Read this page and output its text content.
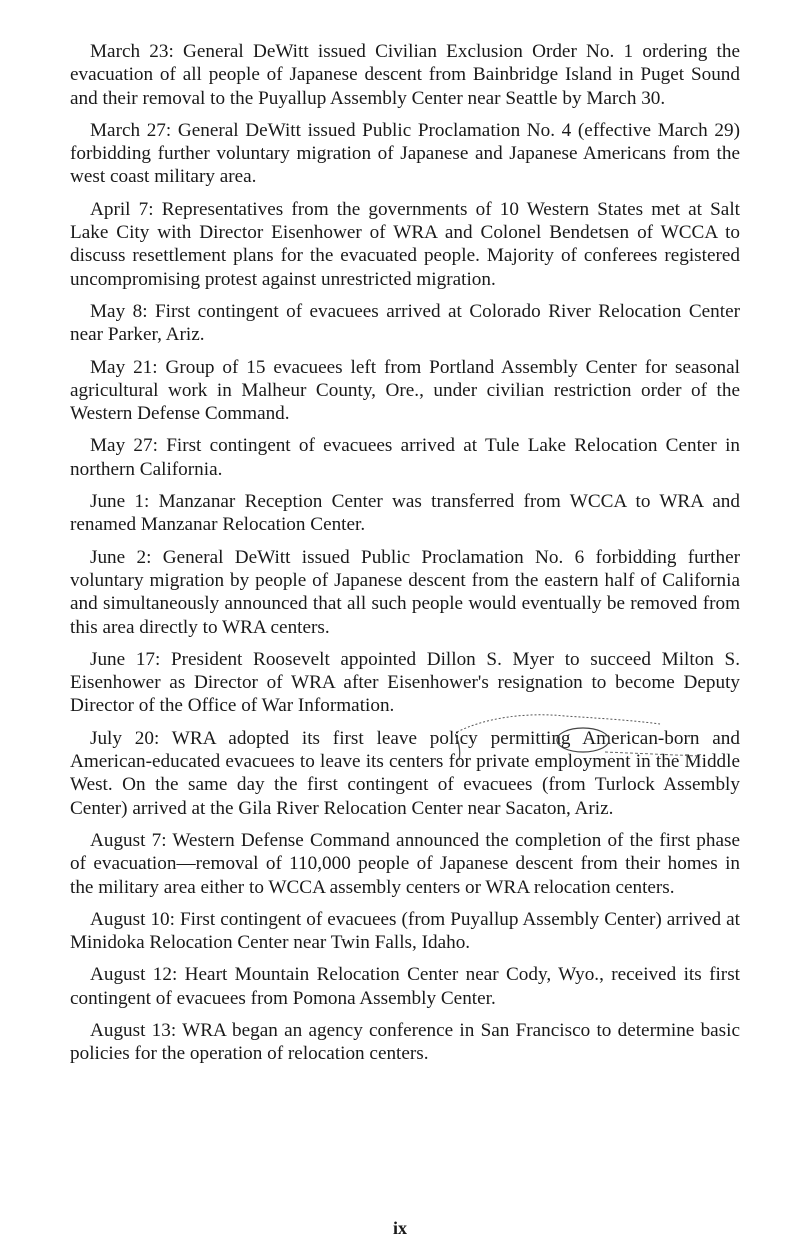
March 23: General DeWitt issued Civilian Exclusion Order No. 1 ordering the evacuation of all people of Japanese descent from Bainbridge Island in Puget Sound and their removal to the Puyallup Assembly Center near Seattle by March 30.

March 27: General DeWitt issued Public Proclamation No. 4 (effective March 29) forbidding further voluntary migration of Japanese and Japanese Americans from the west coast military area.

April 7: Representatives from the governments of 10 Western States met at Salt Lake City with Director Eisenhower of WRA and Colonel Bendetsen of WCCA to discuss resettlement plans for the evacuated people. Majority of conferees registered uncompromising protest against unrestricted migration.

May 8: First contingent of evacuees arrived at Colorado River Relocation Center near Parker, Ariz.

May 21: Group of 15 evacuees left from Portland Assembly Center for seasonal agricultural work in Malheur County, Ore., under civilian restriction order of the Western Defense Command.

May 27: First contingent of evacuees arrived at Tule Lake Relocation Center in northern California.

June 1: Manzanar Reception Center was transferred from WCCA to WRA and renamed Manzanar Relocation Center.

June 2: General DeWitt issued Public Proclamation No. 6 forbidding further voluntary migration by people of Japanese descent from the eastern half of California and simultaneously announced that all such people would eventually be removed from this area directly to WRA centers.

June 17: President Roosevelt appointed Dillon S. Myer to succeed Milton S. Eisenhower as Director of WRA after Eisenhower's resignation to become Deputy Director of the Office of War Information.

July 20: WRA adopted its first leave policy permitting American-born and American-educated evacuees to leave its centers for private employment in the Middle West. On the same day the first contingent of evacuees (from Turlock Assembly Center) arrived at the Gila River Relocation Center near Sacaton, Ariz.

August 7: Western Defense Command announced the completion of the first phase of evacuation—removal of 110,000 people of Japanese descent from their homes in the military area either to WCCA assembly centers or WRA relocation centers.

August 10: First contingent of evacuees (from Puyallup Assembly Center) arrived at Minidoka Relocation Center near Twin Falls, Idaho.

August 12: Heart Mountain Relocation Center near Cody, Wyo., received its first contingent of evacuees from Pomona Assembly Center.

August 13: WRA began an agency conference in San Francisco to determine basic policies for the operation of relocation centers.

ix
